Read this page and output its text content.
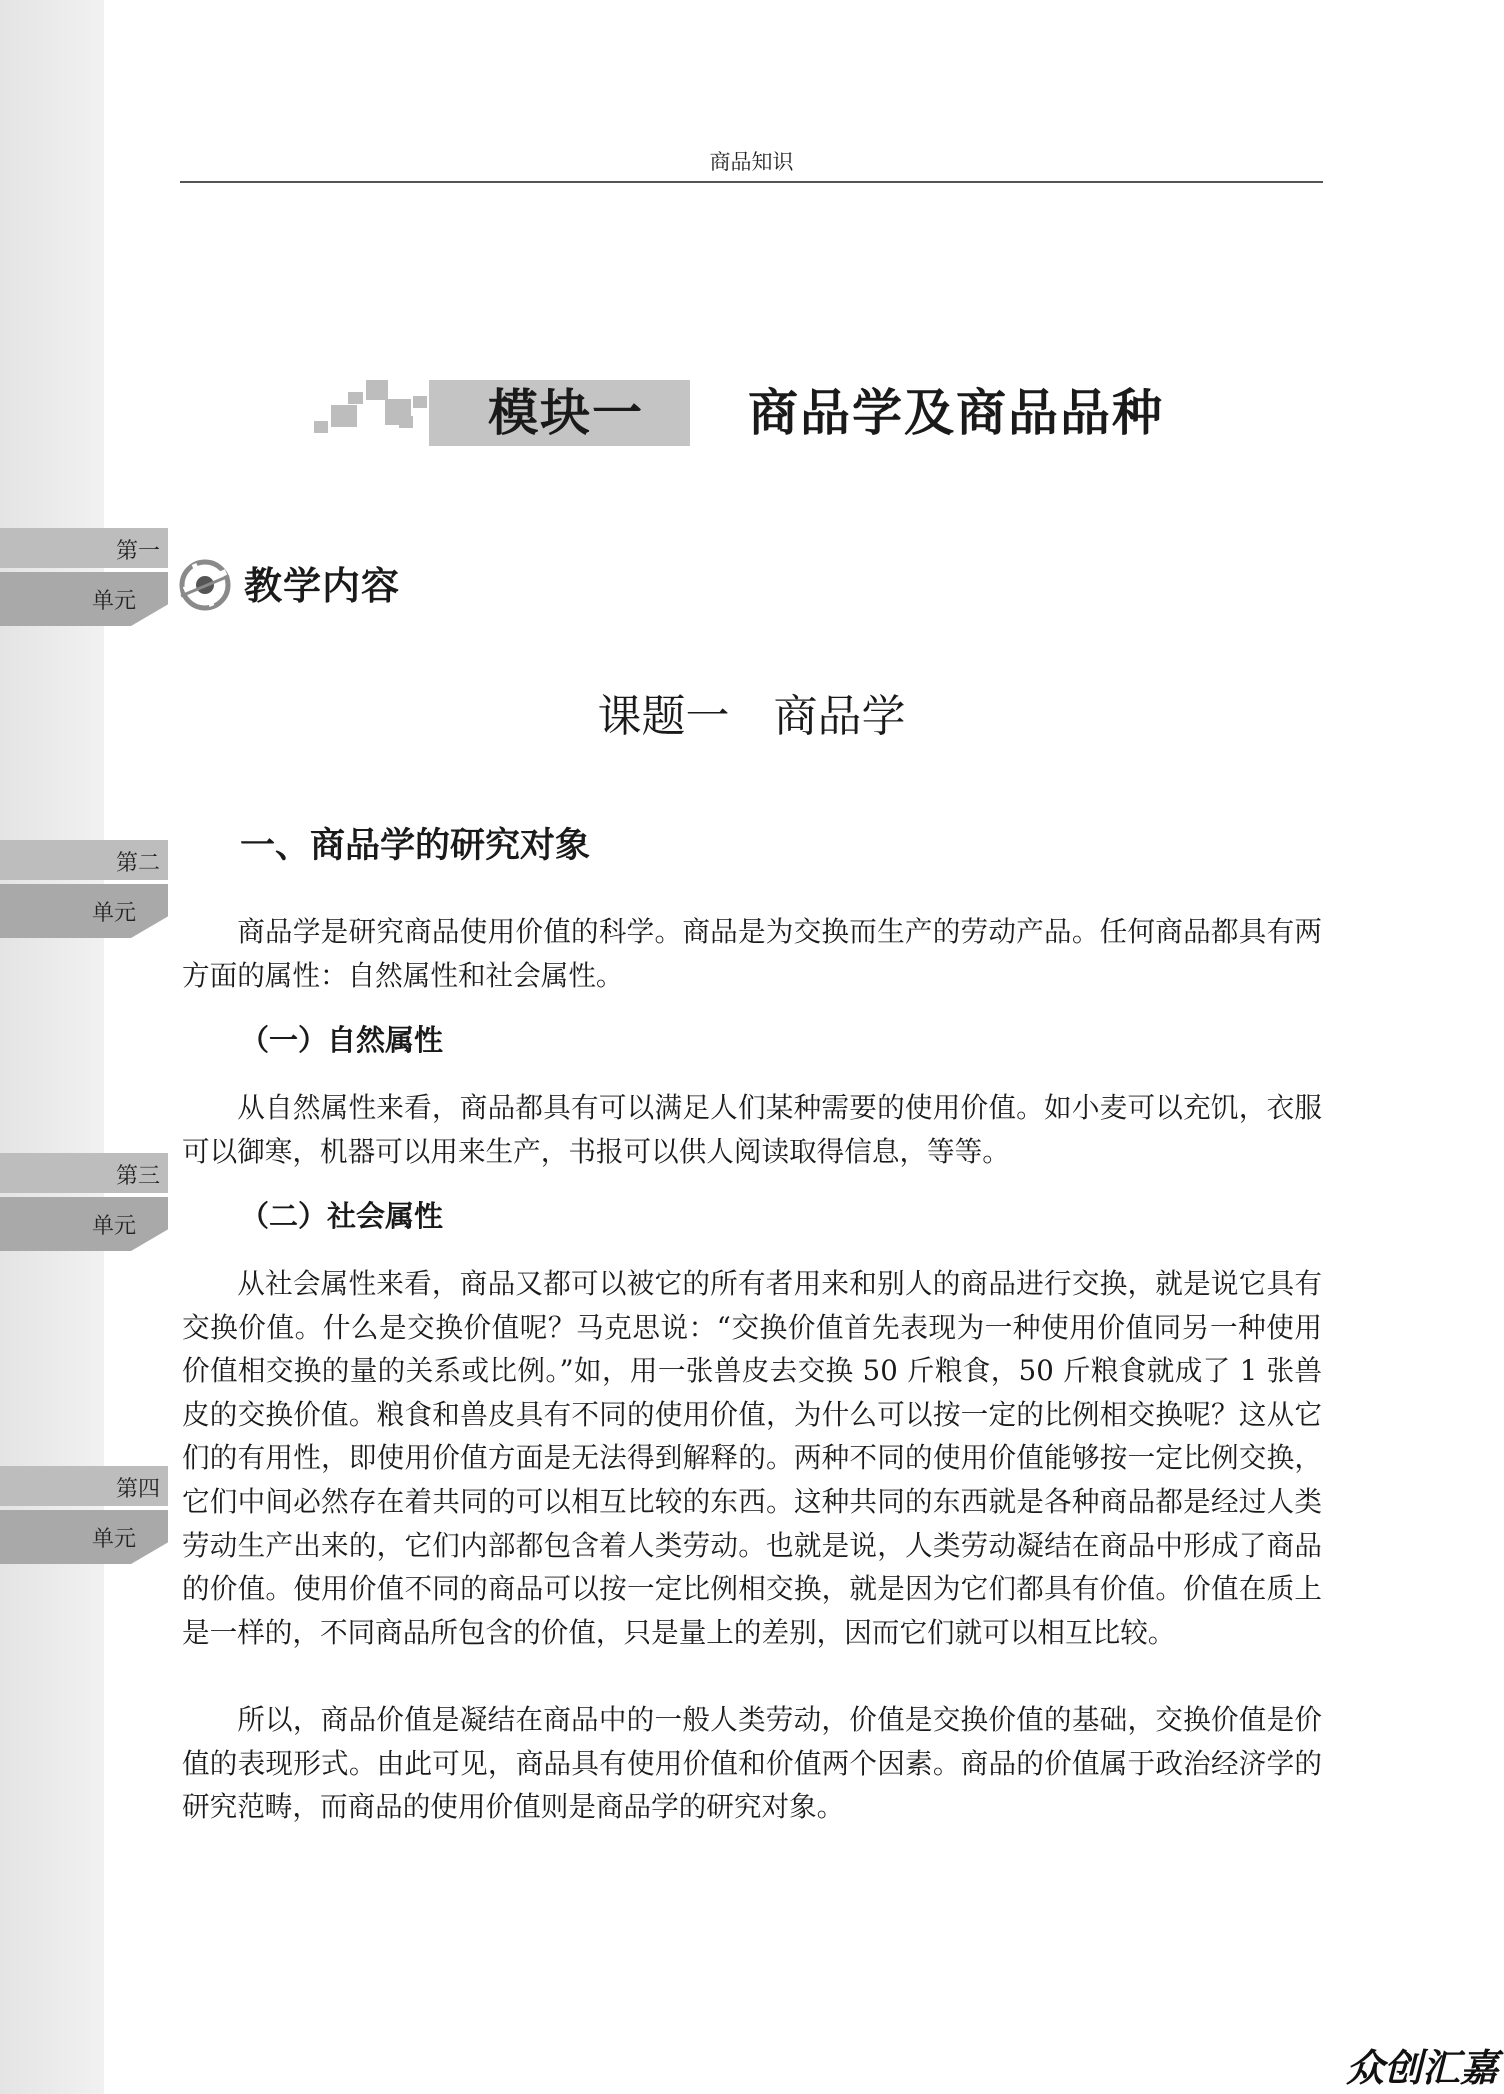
商品知识
模块一 商品学及商品品种
第一
单元
第二
单元
第三
单元
第四
单元
教学内容
课题一　商品学
一、商品学的研究对象

商品学是研究商品使用价值的科学。商品是为交换而生产的劳动产品。任何商品都具有两方面的属性：自然属性和社会属性。

（一）自然属性

从自然属性来看，商品都具有可以满足人们某种需要的使用价值。如小麦可以充饥，衣服可以御寒，机器可以用来生产，书报可以供人阅读取得信息，等等。

（二）社会属性

从社会属性来看，商品又都可以被它的所有者用来和别人的商品进行交换，就是说它具有交换价值。什么是交换价值呢？马克思说：“交换价值首先表现为一种使用价值同另一种使用价值相交换的量的关系或比例。”如，用一张兽皮去交换 50 斤粮食，50 斤粮食就成了 1 张兽皮的交换价值。粮食和兽皮具有不同的使用价值，为什么可以按一定的比例相交换呢？这从它们的有用性，即使用价值方面是无法得到解释的。两种不同的使用价值能够按一定比例交换，它们中间必然存在着共同的可以相互比较的东西。这种共同的东西就是各种商品都是经过人类劳动生产出来的，它们内部都包含着人类劳动。也就是说，人类劳动凝结在商品中形成了商品的价值。使用价值不同的商品可以按一定比例相交换，就是因为它们都具有价值。价值在质上是一样的，不同商品所包含的价值，只是量上的差别，因而它们就可以相互比较。

所以，商品价值是凝结在商品中的一般人类劳动，价值是交换价值的基础，交换价值是价值的表现形式。由此可见，商品具有使用价值和价值两个因素。商品的价值属于政治经济学的研究范畴，而商品的使用价值则是商品学的研究对象。

众创汇嘉
